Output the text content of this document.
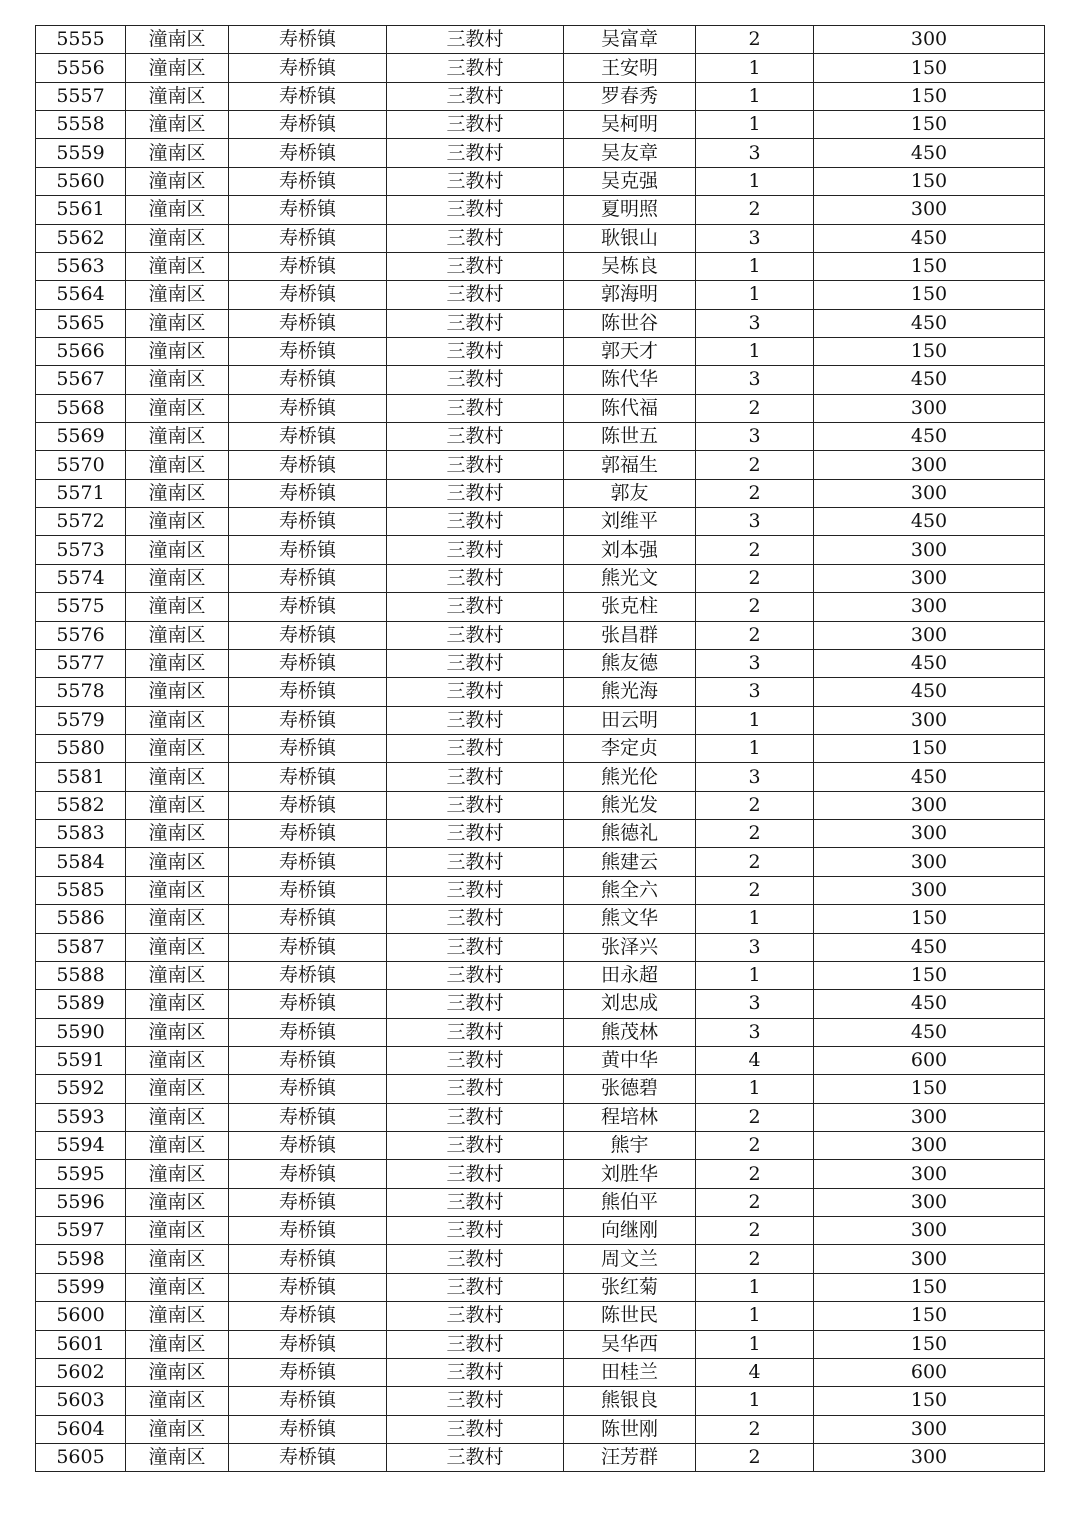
5555	潼南区	寿桥镇	三教村	吴富章	2	300
5556	潼南区	寿桥镇	三教村	王安明	1	150
5557	潼南区	寿桥镇	三教村	罗春秀	1	150
5558	潼南区	寿桥镇	三教村	吴柯明	1	150
5559	潼南区	寿桥镇	三教村	吴友章	3	450
5560	潼南区	寿桥镇	三教村	吴克强	1	150
5561	潼南区	寿桥镇	三教村	夏明照	2	300
5562	潼南区	寿桥镇	三教村	耿银山	3	450
5563	潼南区	寿桥镇	三教村	吴栋良	1	150
5564	潼南区	寿桥镇	三教村	郭海明	1	150
5565	潼南区	寿桥镇	三教村	陈世谷	3	450
5566	潼南区	寿桥镇	三教村	郭天才	1	150
5567	潼南区	寿桥镇	三教村	陈代华	3	450
5568	潼南区	寿桥镇	三教村	陈代福	2	300
5569	潼南区	寿桥镇	三教村	陈世五	3	450
5570	潼南区	寿桥镇	三教村	郭福生	2	300
5571	潼南区	寿桥镇	三教村	郭友	2	300
5572	潼南区	寿桥镇	三教村	刘维平	3	450
5573	潼南区	寿桥镇	三教村	刘本强	2	300
5574	潼南区	寿桥镇	三教村	熊光文	2	300
5575	潼南区	寿桥镇	三教村	张克柱	2	300
5576	潼南区	寿桥镇	三教村	张昌群	2	300
5577	潼南区	寿桥镇	三教村	熊友德	3	450
5578	潼南区	寿桥镇	三教村	熊光海	3	450
5579	潼南区	寿桥镇	三教村	田云明	1	300
5580	潼南区	寿桥镇	三教村	李定贞	1	150
5581	潼南区	寿桥镇	三教村	熊光伦	3	450
5582	潼南区	寿桥镇	三教村	熊光发	2	300
5583	潼南区	寿桥镇	三教村	熊德礼	2	300
5584	潼南区	寿桥镇	三教村	熊建云	2	300
5585	潼南区	寿桥镇	三教村	熊全六	2	300
5586	潼南区	寿桥镇	三教村	熊文华	1	150
5587	潼南区	寿桥镇	三教村	张泽兴	3	450
5588	潼南区	寿桥镇	三教村	田永超	1	150
5589	潼南区	寿桥镇	三教村	刘忠成	3	450
5590	潼南区	寿桥镇	三教村	熊茂林	3	450
5591	潼南区	寿桥镇	三教村	黄中华	4	600
5592	潼南区	寿桥镇	三教村	张德碧	1	150
5593	潼南区	寿桥镇	三教村	程培林	2	300
5594	潼南区	寿桥镇	三教村	熊宇	2	300
5595	潼南区	寿桥镇	三教村	刘胜华	2	300
5596	潼南区	寿桥镇	三教村	熊伯平	2	300
5597	潼南区	寿桥镇	三教村	向继刚	2	300
5598	潼南区	寿桥镇	三教村	周文兰	2	300
5599	潼南区	寿桥镇	三教村	张红菊	1	150
5600	潼南区	寿桥镇	三教村	陈世民	1	150
5601	潼南区	寿桥镇	三教村	吴华西	1	150
5602	潼南区	寿桥镇	三教村	田桂兰	4	600
5603	潼南区	寿桥镇	三教村	熊银良	1	150
5604	潼南区	寿桥镇	三教村	陈世刚	2	300
5605	潼南区	寿桥镇	三教村	汪芳群	2	300
